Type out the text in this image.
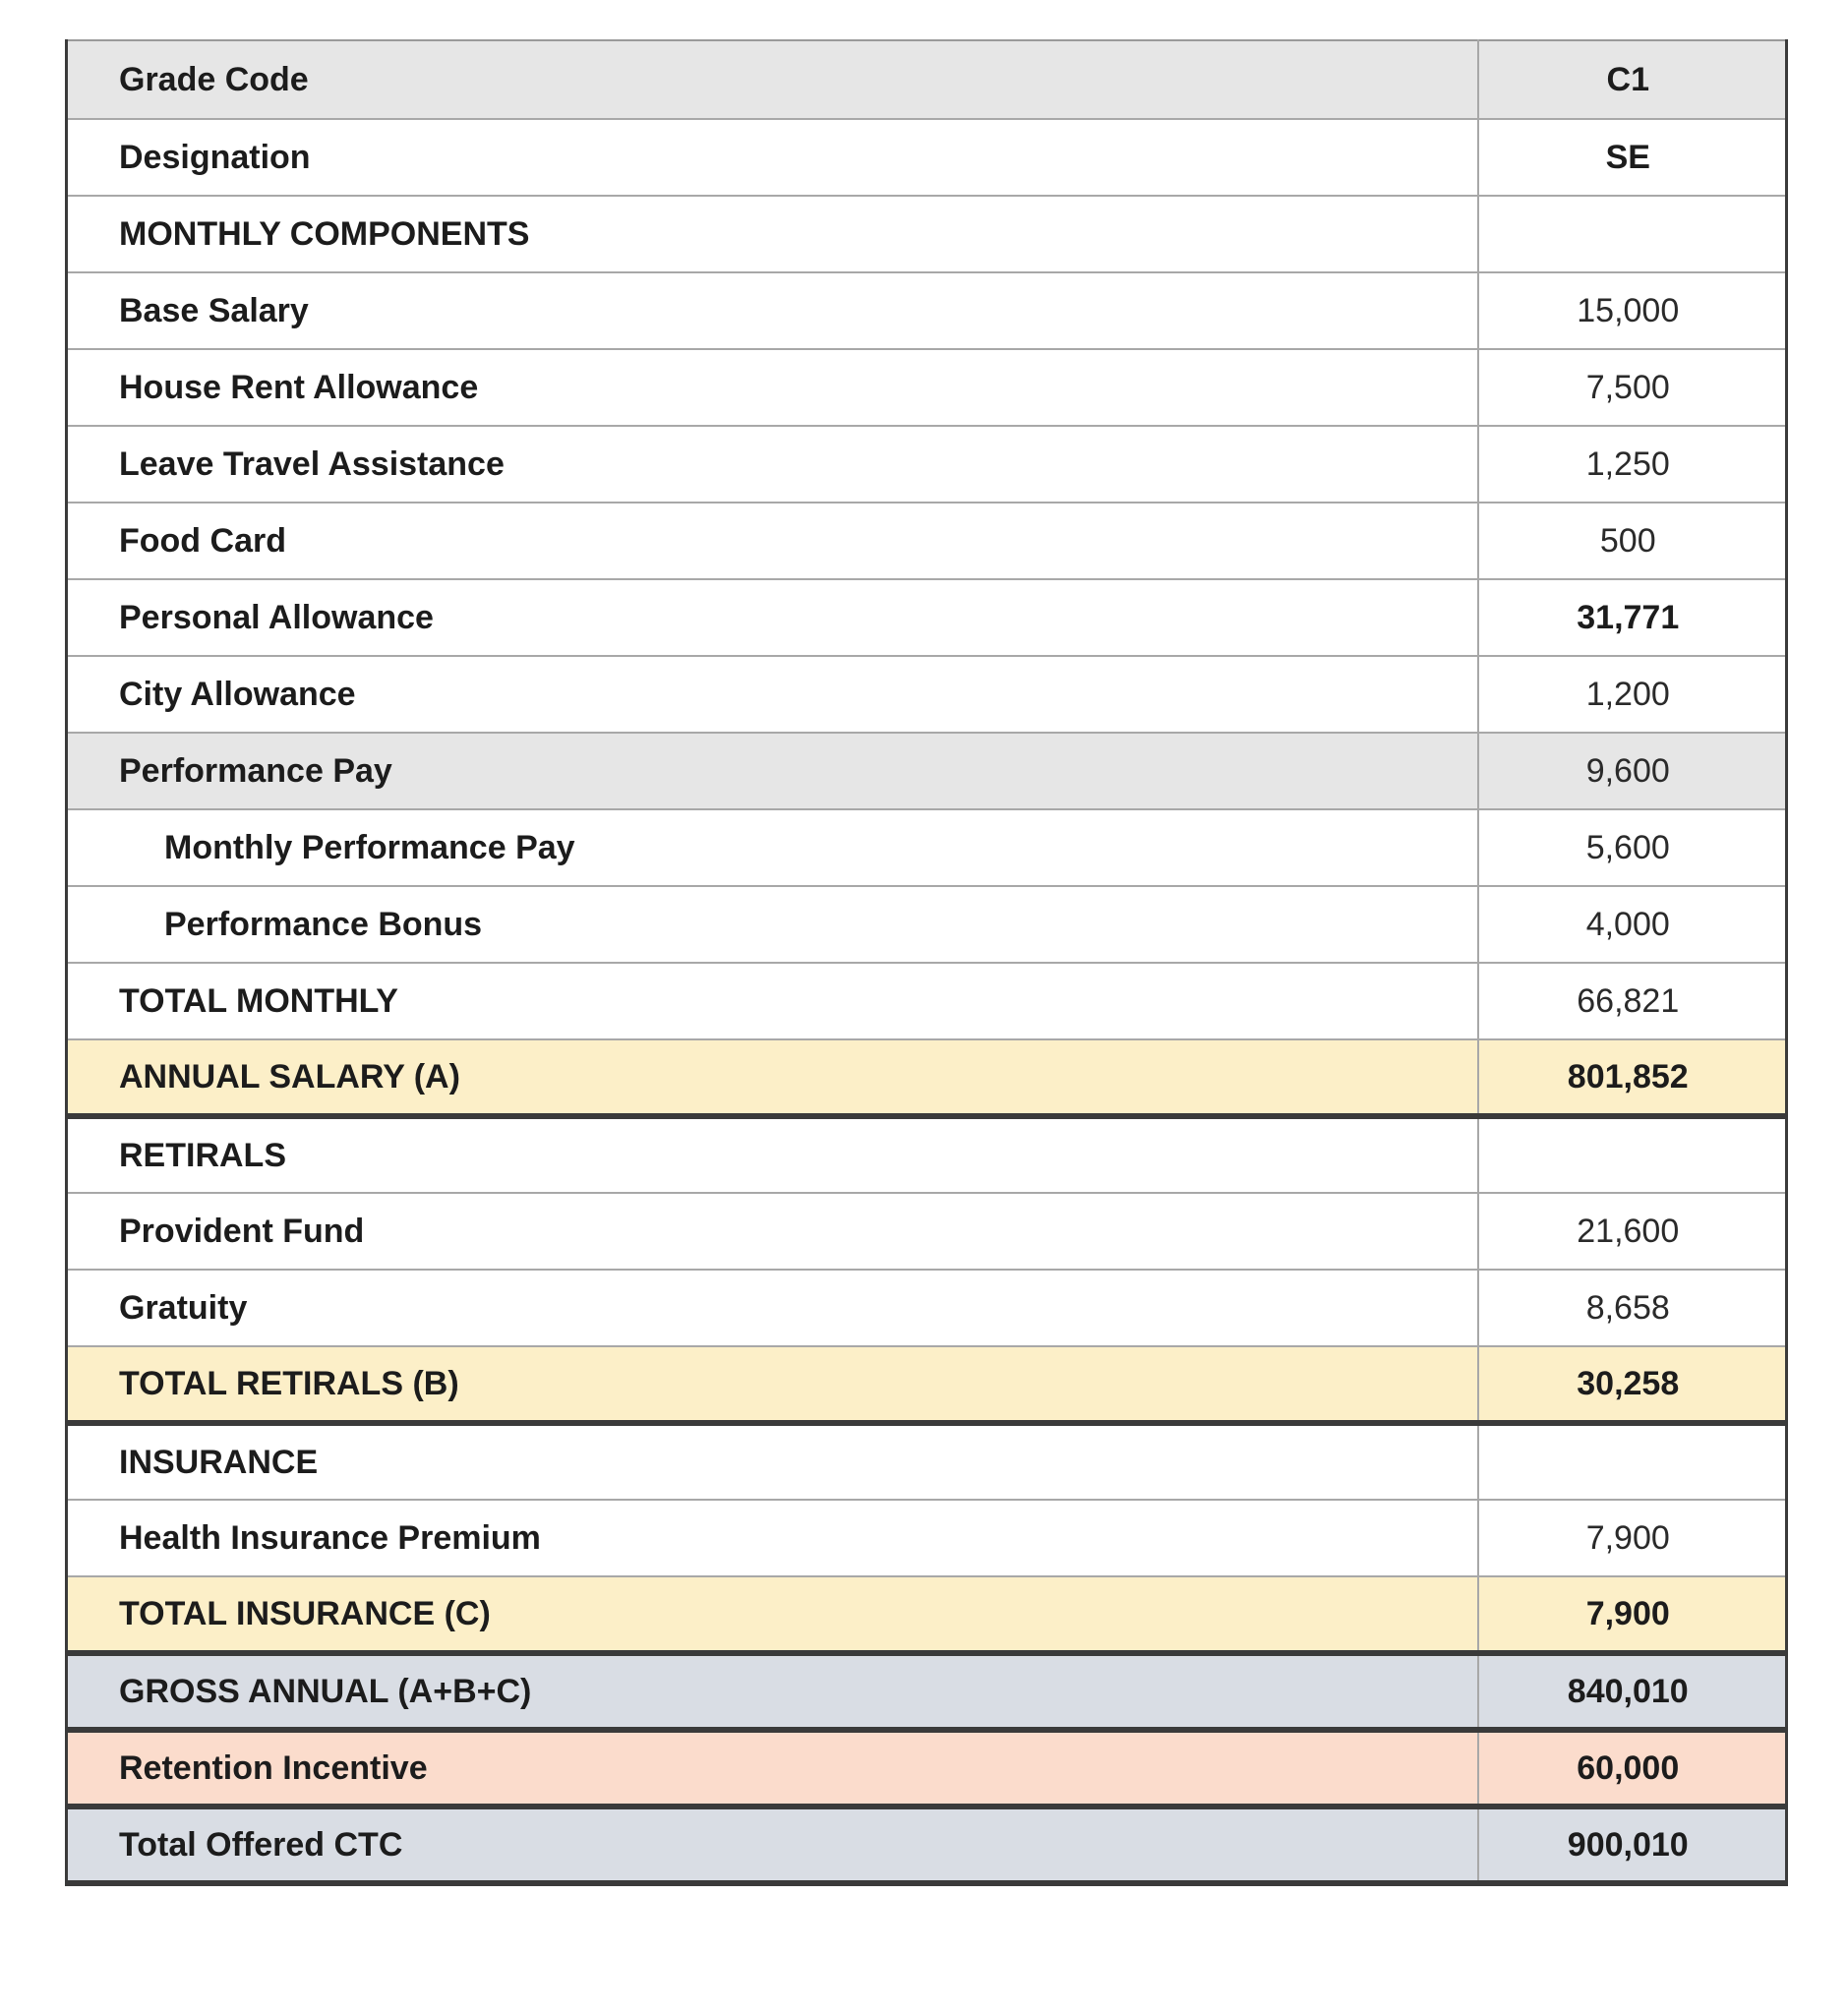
Grade Code	C1
Designation	SE
MONTHLY COMPONENTS	
Base Salary	15,000
House Rent Allowance	7,500
Leave Travel Assistance	1,250
Food Card	500
Personal Allowance	31,771
City Allowance	1,200
Performance Pay	9,600
Monthly Performance Pay	5,600
Performance Bonus	4,000
TOTAL MONTHLY	66,821
ANNUAL SALARY (A)	801,852
RETIRALS	
Provident Fund	21,600
Gratuity	8,658
TOTAL RETIRALS (B)	30,258
INSURANCE	
Health Insurance Premium	7,900
TOTAL INSURANCE (C)	7,900
GROSS ANNUAL (A+B+C)	840,010
Retention Incentive	60,000
Total Offered CTC	900,010
